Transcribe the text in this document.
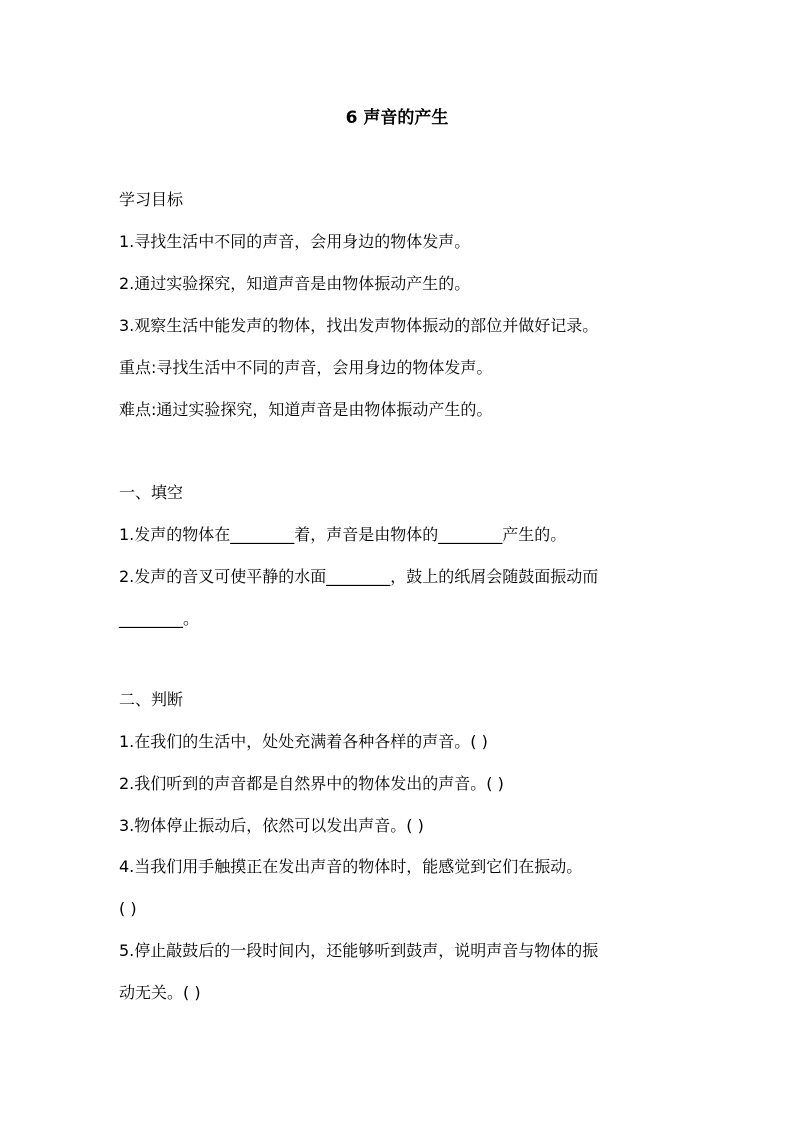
6 声音的产生
学习目标
1.寻找生活中不同的声音，会用身边的物体发声。
2.通过实验探究，知道声音是由物体振动产生的。
3.观察生活中能发声的物体，找出发声物体振动的部位并做好记录。
重点:寻找生活中不同的声音，会用身边的物体发声。
难点:通过实验探究，知道声音是由物体振动产生的。
一、填空
1.发声的物体在________着，声音是由物体的________产生的。
2.发声的音叉可使平静的水面________，鼓上的纸屑会随鼓面振动而
________。
二、判断
1.在我们的生活中，处处充满着各种各样的声音。( )
2.我们听到的声音都是自然界中的物体发出的声音。( )
3.物体停止振动后，依然可以发出声音。( )
4.当我们用手触摸正在发出声音的物体时，能感觉到它们在振动。
( )
5.停止敲鼓后的一段时间内，还能够听到鼓声，说明声音与物体的振
动无关。( )
